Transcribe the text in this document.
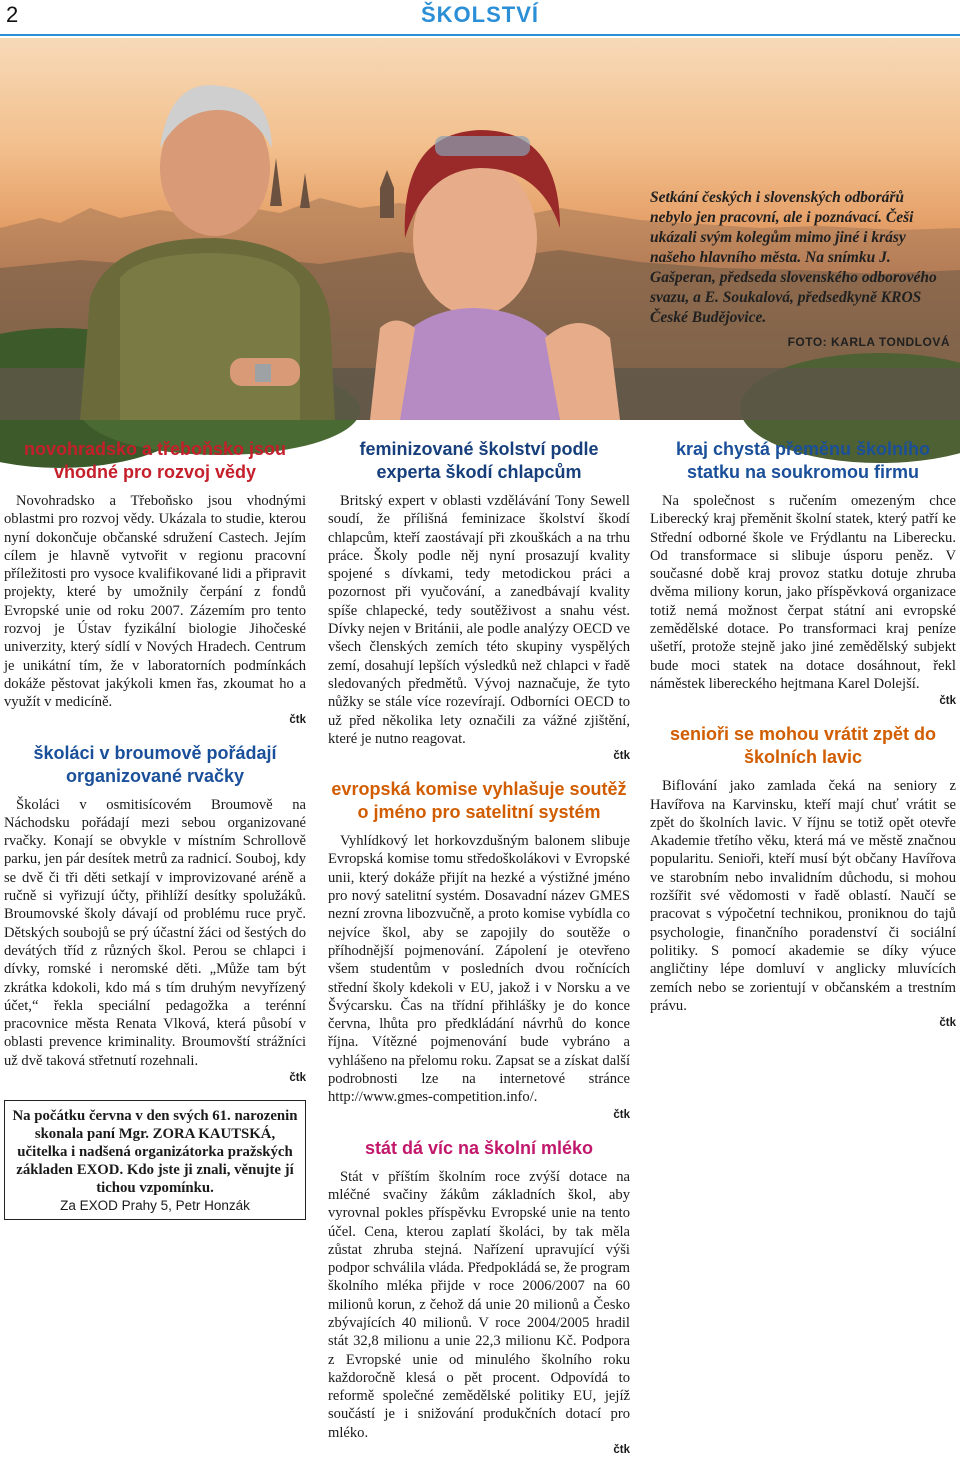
2	ŠKOLSTVÍ
Setkání českých i slovenských odborářů nebylo jen pracovní, ale i poznávací. Češi ukázali svým kolegům mimo jiné i krásy našeho hlavního města. Na snímku J. Gašperan, předseda slovenského odborového svazu, a E. Soukalová, předsedkyně KROS České Budějovice.
FOTO: KARLA TONDLOVÁ
novohradsko a třeboňsko jsou vhodné pro rozvoj vědy

Novohradsko a Třeboňsko jsou vhodnými oblastmi pro rozvoj vědy. Ukázala to studie, kterou nyní dokončuje občanské sdružení Castech. Jejím cílem je hlavně vytvořit v regionu pracovní příležitosti pro vysoce kvalifikované lidi a připravit projekty, které by umožnily čerpání z fondů Evropské unie od roku 2007. Zázemím pro tento rozvoj je Ústav fyzikální biologie Jihočeské univerzity, který sídlí v Nových Hradech. Centrum je unikátní tím, že v laboratorních podmínkách dokáže pěstovat jakýkoli kmen řas, zkoumat ho a využít v medicíně.

čtk
školáci v broumově pořádají organizované rvačky

Školáci v osmitisícovém Broumově na Náchodsku pořádají mezi sebou organizované rvačky. Konají se obvykle v místním Schrollově parku, jen pár desítek metrů za radnicí. Souboj, kdy se dvě či tři děti setkají v improvizované aréně a ručně si vyřizují účty, přihlíží desítky spolužáků. Broumovské školy dávají od problému ruce pryč. Dětských soubojů se prý účastní žáci od šestých do devátých tříd z různých škol. Perou se chlapci i dívky, romské i neromské děti. „Může tam být zkrátka kdokoli, kdo má s tím druhým nevyřízený účet,“ řekla speciální pedagožka a terénní pracovnice města Renata Vlková, která působí v oblasti prevence kriminality. Broumovští strážníci už dvě taková střetnutí rozehnali.

čtk
Na počátku června v den svých 61. narozenin skonala paní Mgr. ZORA KAUTSKÁ, učitelka i nadšená organizátorka pražských základen EXOD. Kdo jste ji znali, věnujte jí tichou vzpomínku.
Za EXOD Prahy 5, Petr Honzák
feminizované školství podle experta škodí chlapcům

Britský expert v oblasti vzdělávání Tony Sewell soudí, že přílišná feminizace školství škodí chlapcům, kteří zaostávají při zkouškách a na trhu práce. Školy podle něj nyní prosazují kvality spojené s dívkami, tedy metodickou práci a pozornost při vyučování, a zanedbávají kvality spíše chlapecké, tedy soutěživost a snahu vést. Dívky nejen v Británii, ale podle analýzy OECD ve všech členských zemích této skupiny vyspělých zemí, dosahují lepších výsledků než chlapci v řadě sledovaných předmětů. Vývoj naznačuje, že tyto nůžky se stále více rozevírají. Odborníci OECD to už před několika lety označili za vážné zjištění, které je nutno reagovat.

čtk
evropská komise vyhlašuje soutěž o jméno pro satelitní systém

Vyhlídkový let horkovzdušným balonem slibuje Evropská komise tomu středoškolákovi v Evropské unii, který dokáže přijít na hezké a výstižné jméno pro nový satelitní systém. Dosavadní název GMES nezní zrovna libozvučně, a proto komise vybídla co nejvíce škol, aby se zapojily do soutěže o příhodnější pojmenování. Zápolení je otevřeno všem studentům v posledních dvou ročnících střední školy kdekoli v EU, jakož i v Norsku a ve Švýcarsku. Čas na třídní přihlášky je do konce června, lhůta pro předkládání návrhů do konce října. Vítězné pojmenování bude vybráno a vyhlášeno na přelomu roku. Zapsat se a získat další podrobnosti lze na internetové stránce http://www.gmes-competition.info/.

čtk
stát dá víc na školní mléko

Stát v příštím školním roce zvýší dotace na mléčné svačiny žákům základních škol, aby vyrovnal pokles příspěvku Evropské unie na tento účel. Cena, kterou zaplatí školáci, by tak měla zůstat zhruba stejná. Nařízení upravující výši podpor schválila vláda. Předpokládá se, že program školního mléka přijde v roce 2006/2007 na 60 milionů korun, z čehož dá unie 20 milionů a Česko zbývajících 40 milionů. V roce 2004/2005 hradil stát 32,8 milionu a unie 22,3 milionu Kč. Podpora z Evropské unie od minulého školního roku každoročně klesá o pět procent. Odpovídá to reformě společné zemědělské politiky EU, jejíž součástí je i snižování produkčních dotací pro mléko.

čtk
kraj chystá přeměnu školního statku na soukromou firmu

Na společnost s ručením omezeným chce Liberecký kraj přeměnit školní statek, který patří ke Střední odborné škole ve Frýdlantu na Liberecku. Od transformace si slibuje úsporu peněz. V současné době kraj provoz statku dotuje zhruba dvěma miliony korun, jako příspěvková organizace totiž nemá možnost čerpat státní ani evropské zemědělské dotace. Po transformaci kraj peníze ušetří, protože stejně jako jiné zemědělský subjekt bude moci statek na dotace dosáhnout, řekl náměstek libereckého hejtmana Karel Dolejší.

čtk
senioři se mohou vrátit zpět do školních lavic

Biflování jako zamlada čeká na seniory z Havířova na Karvinsku, kteří mají chuť vrátit se zpět do školních lavic. V říjnu se totiž opět otevře Akademie třetího věku, která má ve městě značnou popularitu. Senioři, kteří musí být občany Havířova ve starobním nebo invalidním důchodu, si mohou rozšířit své vědomosti v řadě oblastí. Naučí se pracovat s výpočetní technikou, proniknou do tajů psychologie, finančního poradenství či sociální politiky. S pomocí akademie se díky výuce angličtiny lépe domluví v anglicky mluvících zemích nebo se zorientují v občanském a trestním právu.

čtk
